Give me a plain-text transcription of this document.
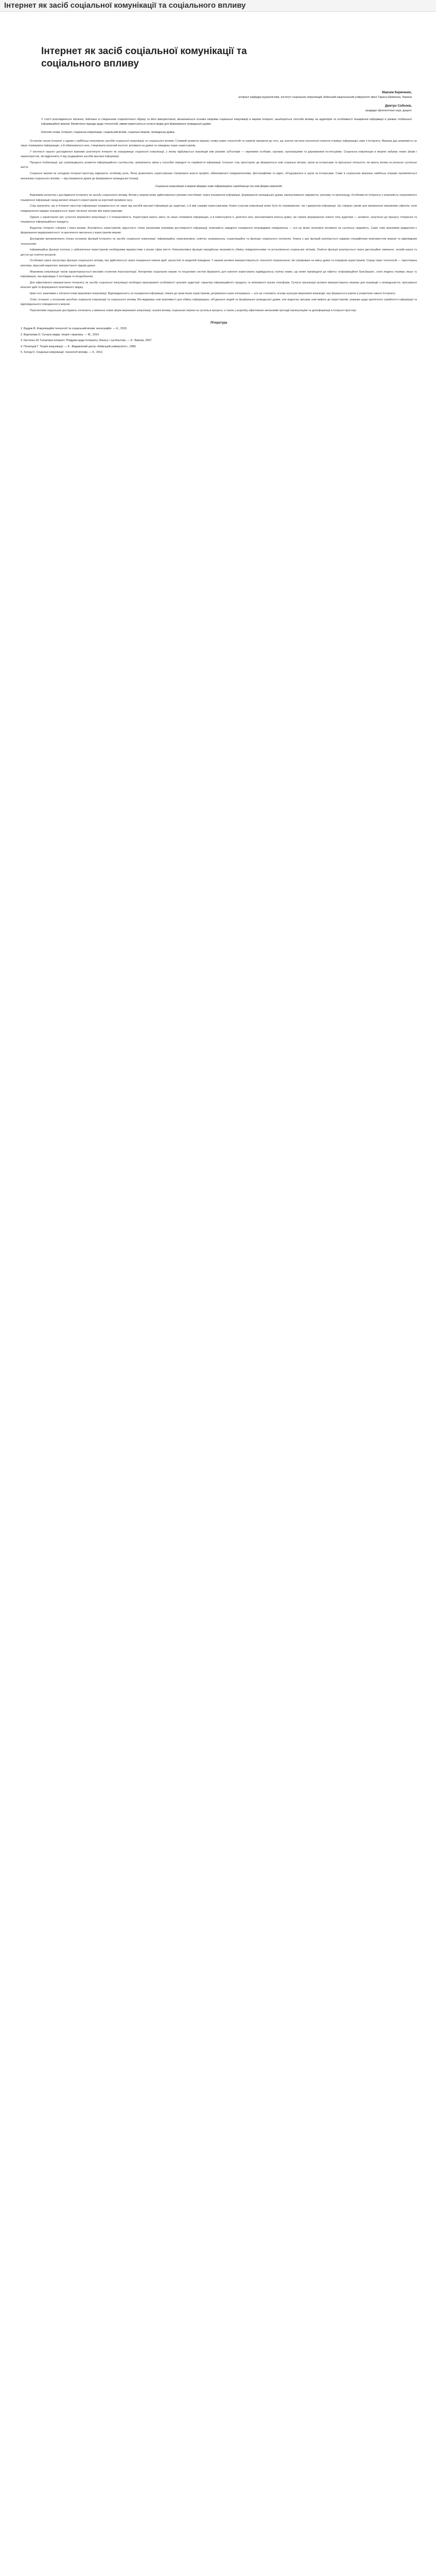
Інтернет як засіб соціальної комунікації та соціального впливу
Інтернет як засіб соціальної комунікації та соціального впливу
Максим Кириченко,
аспірант кафедри журналістики, Інститут соціальних комунікацій, Київський національний університет імені Тараса Шевченка, Україна
Дмитро Соболев,
кандидат філологічних наук, доцент
У статті розглядаються питання, пов'язані зі створенням соціологічного образу та його використання; визначаються основні напрями соціальної комунікації в мережі Інтернет; аналізуються способи впливу на аудиторію та особливості поширення інформації в умовах глобальної інформаційної мережі. Висвітлено підходи щодо технологій, якими користуються сучасні медіа для формування громадської думки.
Ключові слова: Інтернет, соціальна комунікація, соціальний вплив, соціальні мережі, громадська думка.

Останнім часом Інтернет є одним з найбільш популярних засобів соціальної комунікації та соціального впливу. Стрімкий розвиток мережі, поява нових технологій та сервісів призвели до того, що значна частина населення планети отримує інформацію саме з Інтернету. Мережа дає можливість не лише отримувати інформацію, а й обмінюватися нею, створювати власний контент, впливати на думки та поведінку інших користувачів.

У контексті нашого дослідження важливо розглянути Інтернет як середовище соціальної комунікації, у якому відбувається взаємодія між різними суб'єктами — окремими особами, групами, організаціями та державними інституціями. Соціальна комунікація в мережі набуває нових форм і характеристик, які відрізняють її від традиційних засобів масової інформації.

Процеси глобалізації, що супроводжують розвиток інформаційного суспільства, зумовлюють зміни у способах передачі та сприйняття інформації. Інтернет стає простором, де формуються нові соціальні зв'язки, групи за інтересами та віртуальні спільноти, які мають вплив на реальне суспільне життя.

Соціальні мережі як складова Інтернет-простору відіграють особливу роль. Вони дозволяють користувачам створювати власні профілі, обмінюватися повідомленнями, фотографіями та відео, об'єднуватися в групи за інтересами. Саме в соціальних мережах найбільш яскраво проявляються механізми соціального впливу — від поширення думок до формування громадської позиції.

Соціальна комунікація в мережі формує нове інформаційне середовище та нові форми взаємодії.

Важливим аспектом є дослідження Інтернету як засобу соціального впливу. Вплив у мережі може здійснюватися різними способами: через поширення інформації, формування громадської думки, маніпулювання свідомістю, рекламу та пропаганду. Особливістю Інтернету є можливість оперативного поширення інформації серед великої кількості користувачів за короткий проміжок часу.

Слід зазначити, що в Інтернет-просторі інформація поширюється не лише від засобів масової інформації до аудиторії, а й між самими користувачами. Кожен учасник комунікації може бути як отримувачем, так і джерелом інформації. Це створює умови для виникнення мережевих ефектів, коли повідомлення швидко поширюється через численні зв'язки між користувачами.

Однією з характерних рис сучасної мережевої комунікації є її інтерактивність. Користувачі мають змогу не лише споживати інформацію, а й коментувати її, ділитися нею, висловлювати власну думку. Це сприяє формуванню нового типу аудиторії — активної, залученої до процесу створення та поширення інформаційного продукту.

Водночас Інтернет створює і певні ризики. Анонімність користувачів, відсутність чітких механізмів перевірки достовірності інформації, можливість швидкого поширення неправдивих повідомлень — усе це може негативно впливати на суспільну свідомість. Саме тому важливим завданням є формування медіаграмотності та критичного мислення у користувачів мережі.

Дослідники виокремлюють кілька основних функцій Інтернету як засобу соціальної комунікації: інформаційну, комунікативну, освітню, розважальну, соціалізаційну та функцію соціального контролю. Кожна з цих функцій реалізується завдяки специфічним можливостям мережі та відповідним технологіям.

Інформаційна функція полягає у забезпеченні користувачів необхідними відомостями з різних сфер життя. Комунікативна функція передбачає можливість обміну повідомленнями та встановлення соціальних зв'язків. Освітня функція реалізується через дистанційне навчання, онлайн-курси та доступ до освітніх ресурсів.

Особливої уваги заслуговує функція соціального впливу, яка здійснюється через поширення певних ідей, цінностей та моделей поведінки. У мережі активно використовуються технології переконання, які спрямовані на зміну думок та поведінки користувачів. Серед таких технологій — таргетована реклама, вірусний маркетинг, використання лідерів думок.

Мережева комунікація також характеризується високим ступенем персоналізації. Алгоритми соціальних мереж та пошукових систем формують для кожного користувача індивідуальну стрічку новин, що може призводити до ефекту «інформаційної бульбашки», коли людина отримує лише ту інформацію, яка відповідає її поглядам та вподобанням.

Для ефективного використання Інтернету як засобу соціальної комунікації необхідно враховувати особливості цільової аудиторії, характер інформаційного продукту та можливості різних платформ. Сучасні організації активно використовують мережу для взаємодії з громадськістю, просування власних ідей та формування позитивного іміджу.

Крім того, важливим є питання етики мережевої комунікації. Відповідальність за поширення інформації, повага до прав інших користувачів, дотримання норм спілкування — усе це становить основу культури мережевої взаємодії, яка формується разом із розвитком самого Інтернету.

Отже, Інтернет є потужним засобом соціальної комунікації та соціального впливу. Він відкриває нові можливості для обміну інформацією, об'єднання людей та формування громадської думки, але водночас висуває нові вимоги до користувачів, зокрема щодо критичного сприйняття інформації та відповідального поводження в мережі.

Перспективи подальших досліджень полягають у вивченні нових форм мережевої комунікації, аналізі впливу соціальних мереж на суспільні процеси, а також у розробці ефективних механізмів протидії маніпуляціям та дезінформації в Інтернет-просторі.

Література

1. Бурдяк В. Комунікаційні технології та соціальний вплив: монографія. — К., 2015.

2. Вартанова О. Сучасні медіа: теорія і практика. — М., 2014.

3. Кастельс М. Галактика Інтернет: Роздуми щодо Інтернету, бізнесу і суспільства. — К.: Ваклер, 2007.

4. Почепцов Г. Теорія комунікації. — К.: Видавничий центр «Київський університет», 1999.

5. Холод О. Соціальні комунікації: технології впливу. — К., 2012.
